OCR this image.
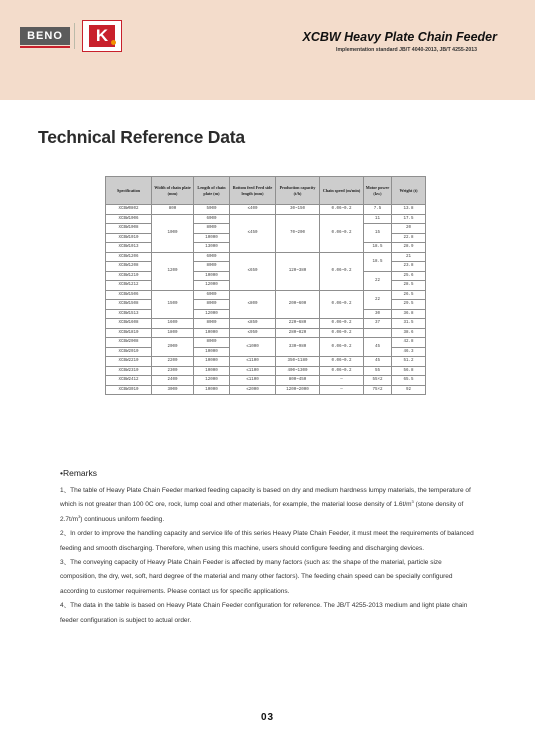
BENO	K	XCBW Heavy Plate Chain Feeder
Implementation standard JB/T 4040-2013, JB/T 4255-2013
Technical Reference Data
Specification	Width of chain plate (mm)	Length of chain plate (m)	Bottom feed Feed side length (mm)	Production capacity (t/h)	Chain speed (m/min)	Motor power (kw)	Weight (t)
XCBW0802	800	5000	≤400	30~150	0.06~0.2	7.5	13.8
XCBW1006	1000	6000	≤450	70~200	0.06~0.2	11	17.5
XCBW1008		8000				15	20
XCBW1010		10000					22.8
XCBW1013		13000				18.5	28.9
XCBW1206	1200	6000	≤650	120~380	0.06~0.2	18.5	21
XCBW1208		8000					23.8
XCBW1210		10000				22	25.6
XCBW1212		12000					28.5
XCBW1506	1500	6000	≤800	200~600	0.06~0.2	22	26.5
XCBW1508		8000					29.5
XCBW1513		12000				30	36.8
XCBW1608	1600	8000	≤850	220~680	0.06~0.2	37	31.5
XCBW1810	1800	10000	≤950	280~820	0.06~0.2		38.6
XCBW2008	2000	8000	≤1000	330~980	0.06~0.2	45	42.8
XCBW2010		10000					46.3
XCBW2210	2200	10000	≤1100	350~1180	0.06~0.2	45	51.2
XCBW2310	2300	10000	≤1100	400~1300	0.06~0.2	55	56.8
XCBW2412	2400	12000	≤1100	800~450	—	55×2	65.5
XCBW3010	3000	10000	≤2000	1200~2000	—	75×2	92
•Remarks

1、The table of Heavy Plate Chain Feeder marked feeding capacity is based on dry and medium hardness lumpy materials, the temperature of which is not greater than 100 0C ore, rock, lump coal and other materials, for example, the material loose density of $1.6t/m^3$ (stone density of $2.7t/m^3$) continuous uniform feeding.

2、In order to improve the handling capacity and service life of this series Heavy Plate Chain Feeder, it must meet the requirements of balanced feeding and smooth discharging. Therefore, when using this machine, users should configure feeding and discharging devices.

3、The conveying capacity of Heavy Plate Chain Feeder is affected by many factors (such as: the shape of the material, particle size composition, the dry, wet, soft, hard degree of the material and many other factors). The feeding chain speed can be specially configured according to customer requirements. Please contact us for specific applications.

4、The data in the table is based on Heavy Plate Chain Feeder configuration for reference. The JB/T 4255-2013 medium and light plate chain feeder configuration is subject to actual order.

03
